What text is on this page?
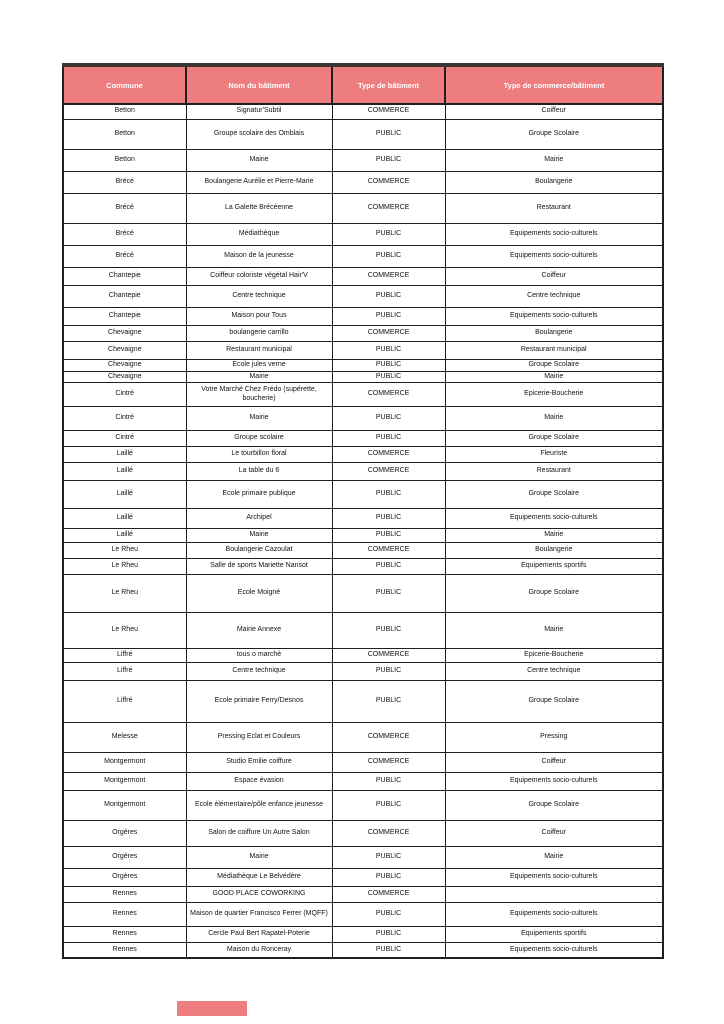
Commune	Nom du bâtiment	Type de bâtiment	Type de commerce/bâtiment
Betton	Signatur'Subtil	COMMERCE	Coiffeur
Betton	Groupe scolaire des Omblais	PUBLIC	Groupe Scolaire
Betton	Mairie	PUBLIC	Mairie
Brécé	Boulangerie Aurélie et Pierre-Marie	COMMERCE	Boulangerie
Brécé	La Galette Brécéenne	COMMERCE	Restaurant
Brécé	Médiathèque	PUBLIC	Equipements socio-culturels
Brécé	Maison de la jeunesse	PUBLIC	Equipements socio-culturels
Chantepie	Coiffeur coloriste végétal Hair'V	COMMERCE	Coiffeur
Chantepie	Centre technique	PUBLIC	Centre technique
Chantepie	Maison pour Tous	PUBLIC	Equipements socio-culturels
Chevaigne	boulangerie carrillo	COMMERCE	Boulangerie
Chevaigne	Restaurant municipal	PUBLIC	Restaurant municipal
Chevaigne	Ecole jules verne	PUBLIC	Groupe Scolaire
Chevaigne	Mairie	PUBLIC	Mairie
Cintré	Votre Marché Chez Frédo (supérette, boucherie)	COMMERCE	Epicerie-Boucherie
Cintré	Mairie	PUBLIC	Mairie
Cintré	Groupe scolaire	PUBLIC	Groupe Scolaire
Laillé	Le tourbillon floral	COMMERCE	Fleuriste
Laillé	La table du 6	COMMERCE	Restaurant
Laillé	Ecole primaire publique	PUBLIC	Groupe Scolaire
Laillé	Archipel	PUBLIC	Equipements socio-culturels
Laillé	Mairie	PUBLIC	Mairie
Le Rheu	Boulangerie Cazoulat	COMMERCE	Boulangerie
Le Rheu	Salle de sports Mariette Nansot	PUBLIC	Equipements sportifs
Le Rheu	Ecole Moigné	PUBLIC	Groupe Scolaire
Le Rheu	Mairie Annexe	PUBLIC	Mairie
Liffré	tous o marché	COMMERCE	Epicerie-Boucherie
Liffré	Centre technique	PUBLIC	Centre technique
Liffré	Ecole primaire Ferry/Desnos	PUBLIC	Groupe Scolaire
Melesse	Pressing Eclat et Couleurs	COMMERCE	Pressing
Montgermont	Studio Emilie coiffure	COMMERCE	Coiffeur
Montgermont	Espace évasion	PUBLIC	Equipements socio-culturels
Montgermont	Ecole élémentaire/pôle enfance jeunesse	PUBLIC	Groupe Scolaire
Orgères	Salon de coiffure Un Autre Salon	COMMERCE	Coiffeur
Orgères	Mairie	PUBLIC	Mairie
Orgères	Médiathèque Le Belvédère	PUBLIC	Equipements socio-culturels
Rennes	GOOD PLACE COWORKING	COMMERCE	
Rennes	Maison de quartier Francisco Ferrer (MQFF)	PUBLIC	Equipements socio-culturels
Rennes	Cercle Paul Bert Rapatel-Poterie	PUBLIC	Equipements sportifs
Rennes	Maison du Ronceray	PUBLIC	Equipements socio-culturels
